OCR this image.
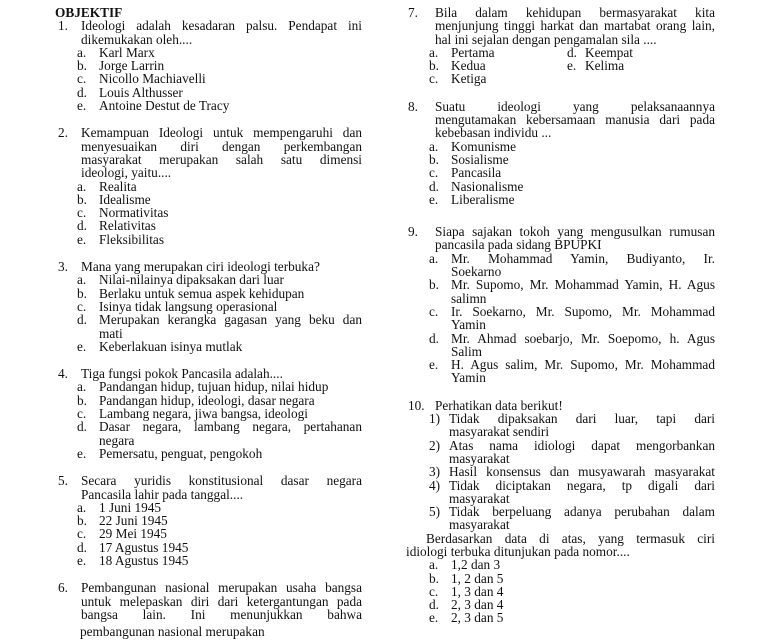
OBJEKTIF
1. Ideologi adalah kesadaran palsu. Pendapat ini
dikemukakan oleh....
a. Karl Marx
b. Jorge Larrin
c. Nicollo Machiavelli
d. Louis Althusser
e. Antoine Destut de Tracy
2. Kemampuan Ideologi untuk mempengaruhi dan
menyesuaikan diri dengan perkembangan
masyarakat merupakan salah satu dimensi
ideologi, yaitu....
a. Realita
b. Idealisme
c. Normativitas
d. Relativitas
e. Fleksibilitas
3. Mana yang merupakan ciri ideologi terbuka?
a. Nilai-nilainya dipaksakan dari luar
b. Berlaku untuk semua aspek kehidupan
c. Isinya tidak langsung operasional
d. Merupakan kerangka gagasan yang beku dan
mati
e. Keberlakuan isinya mutlak
4. Tiga fungsi pokok Pancasila adalah....
a. Pandangan hidup, tujuan hidup, nilai hidup
b. Pandangan hidup, ideologi, dasar negara
c. Lambang negara, jiwa bangsa, ideologi
d. Dasar negara, lambang negara, pertahanan
negara
e. Pemersatu, penguat, pengokoh
5. Secara yuridis konstitusional dasar negara
Pancasila lahir pada tanggal....
a. 1 Juni 1945
b. 22 Juni 1945
c. 29 Mei 1945
d. 17 Agustus 1945
e. 18 Agustus 1945
6. Pembangunan nasional merupakan usaha bangsa
untuk melepaskan diri dari ketergantungan pada
bangsa lain. Ini menunjukkan bahwa
pembangunan nasional merupakan
7. Bila dalam kehidupan bermasyarakat kita
menjunjung tinggi harkat dan martabat orang lain,
hal ini sejalan dengan pengamalan sila ....
a. Pertama	d. Keempat
b. Kedua	e. Kelima
c. Ketiga
8. Suatu ideologi yang pelaksanaannya
mengutamakan kebersamaan manusia dari pada
kebebasan individu ...
a. Komunisme
b. Sosialisme
c. Pancasila
d. Nasionalisme
e. Liberalisme
9. Siapa sajakan tokoh yang mengusulkan rumusan
pancasila pada sidang BPUPKI
a. Mr. Mohammad Yamin, Budiyanto, Ir.
Soekarno
b. Mr. Supomo, Mr. Mohammad Yamin, H. Agus
salimn
c. Ir. Soekarno, Mr. Supomo, Mr. Mohammad
Yamin
d. Mr. Ahmad soebarjo, Mr. Soepomo, h. Agus
Salim
e. H. Agus salim, Mr. Supomo, Mr. Mohammad
Yamin
10. Perhatikan data berikut!
1) Tidak dipaksakan dari luar, tapi dari
masyarakat sendiri
2) Atas nama idiologi dapat mengorbankan
masyarakat
3) Hasil konsensus dan musyawarah masyarakat
4) Tidak diciptakan negara, tp digali dari
masyarakat
5) Tidak berpeluang adanya perubahan dalam
masyarakat
Berdasarkan data di atas, yang termasuk ciri
idiologi terbuka ditunjukan pada nomor....
a. 1,2 dan 3
b. 1, 2 dan 5
c. 1, 3 dan 4
d. 2, 3 dan 4
e. 2, 3 dan 5
